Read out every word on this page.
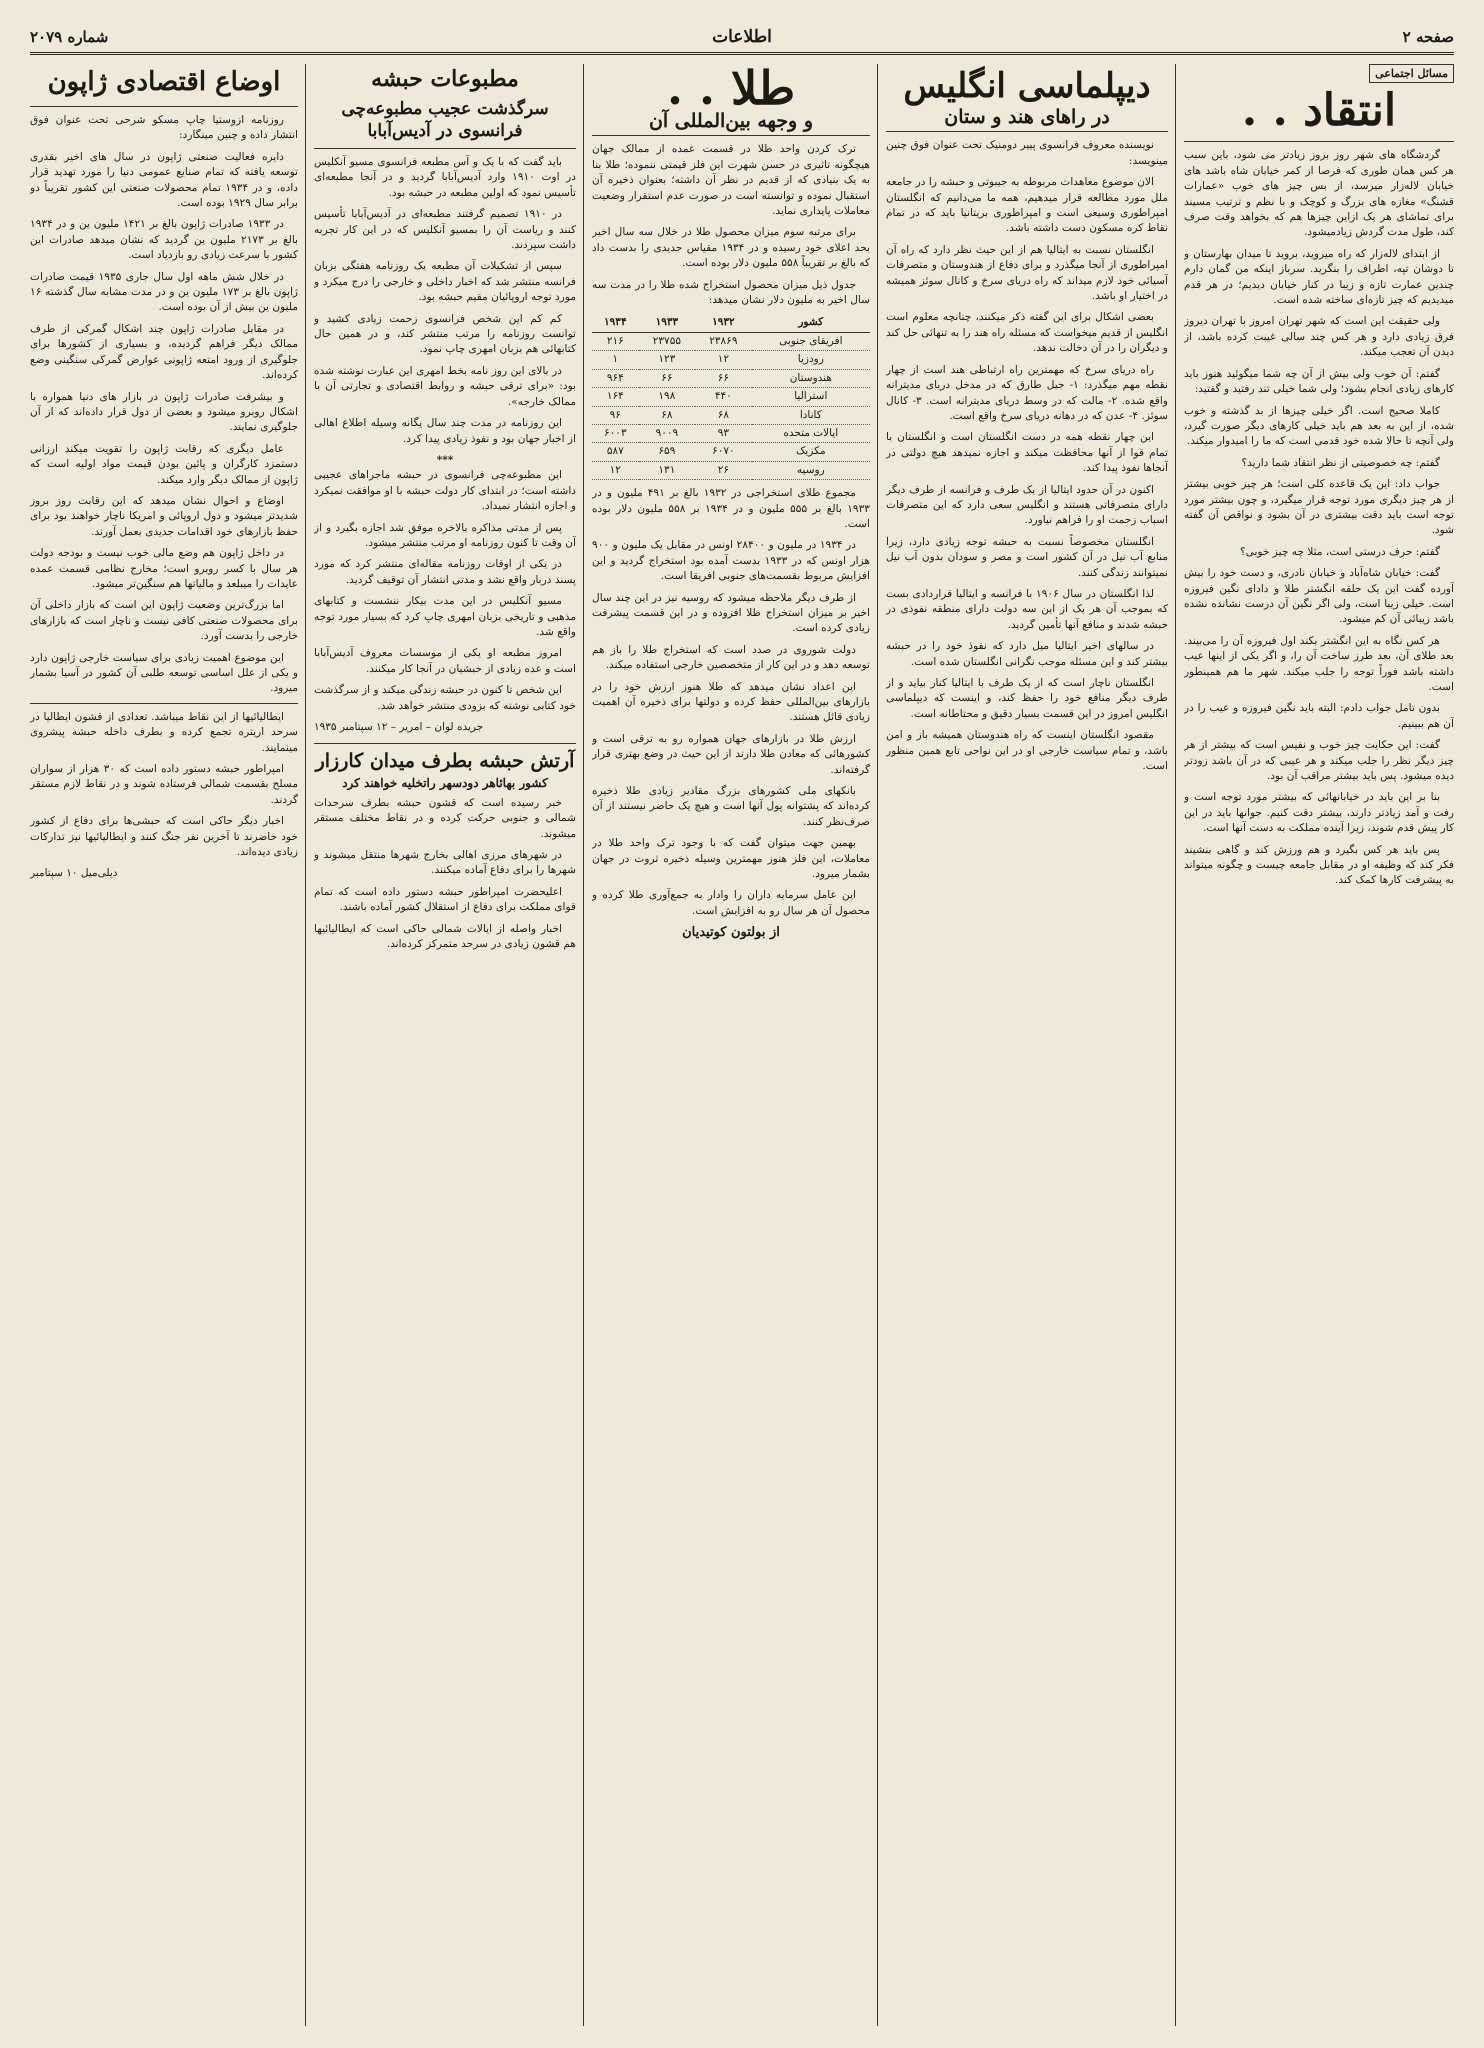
صفحه ۲
اطلاعات
شماره ۲۰۷۹
مسائل اجتماعی
انتقاد . .

گردشگاه های شهر روز بروز زیادتر می شود، باین سبب هر کس همان طوری که فرصا از کمر خیابان شاه باشد های خیابان لاله‌زار میرسد، از بس چیز های خوب «عمارات قشنگ» مغازه های بزرگ و کوچک و با نظم و ترتیب مسیند برای تماشای هر یک ازاین چیزها هم که بخواهد وقت صرف کند، طول مدت گردش زیادمیشود.

از ابتدای لاله‌زار که راه میروید، بروید تا میدان بهارستان و تا دوشان تپه، اطراف را بنگرید. سرباز اینکه من گمان دارم چندین عمارت تازه و زیبا در کنار خیابان دیدیم؛ در هر قدم میدیدیم که چیز تازه‌ای ساخته شده است.

ولی حقیقت این است که شهر تهران امروز با تهران دیروز فرق زیادی دارد و هر کس چند سالی غیبت کرده باشد، از دیدن آن تعجب میکند.

گفتم: آن خوب ولی بیش از آن چه شما میگوئید هنوز باید کارهای زیادی انجام بشود؛ ولی شما خیلی تند رفتید و گفتید:

کاملا صحیح است. اگر خیلی چیزها از بد گذشته و خوب شده، از این به بعد هم باید خیلی کارهای دیگر صورت گیرد، ولی آنچه تا حالا شده خود قدمی است که ما را امیدوار میکند.

گفتم: چه خصوصیتی از نظر انتقاد شما دارید؟

جواب داد: این یک قاعده کلی است؛ هر چیز خوبی بیشتر از هر چیز دیگری مورد توجه قرار میگیرد، و چون بیشتر مورد توجه است باید دقت بیشتری در آن بشود و نواقص آن گفته شود.

گفتم: حرف درستی است، مثلا چه چیز خوبی؟

گفت: خیابان شاه‌آباد و خیابان نادری، و دست خود را بیش آورده گفت این یک حلقه انگشتر طلا و دادای نگین فیروزه است. خیلی زیبا است، ولی اگر نگین آن درست نشانده نشده باشد زیبائی آن کم میشود.

هر کس نگاه به این انگشتر بکند اول فیروزه آن را می‌بیند. بعد طلای آن، بعد طرز ساخت آن را، و اگر یکی از اینها عیب داشته باشد فوراً توجه را جلب میکند. شهر ما هم همینطور است.

بدون تامل جواب دادم: البته باید نگین فیروزه و عیب را در آن هم ببینیم.

گفت: این حکایت چیز خوب و نفیس است که بیشتر از هر چیز دیگر نظر را جلب میکند و هر عیبی که در آن باشد زودتر دیده میشود. پس باید بیشتر مراقب آن بود.

بنا بر این باید در خیابانهائی که بیشتر مورد توجه است و رفت و آمد زیادتر دارند، بیشتر دقت کنیم. جوانها باید در این کار پیش قدم شوند، زیرا آینده مملکت به دست آنها است.

پس باید هر کس بگیرد و هم ورزش کند و گاهی بنشیند فکر کند که وظیفه او در مقابل جامعه چیست و چگونه میتواند به پیشرفت کارها کمک کند.

دیپلماسی انگلیس
در راهای هند و ستان

نویسنده معروف فرانسوی پییر دومنیک تحت عنوان فوق چنین مینویسد:

الان موضوع معاهدات مربوطه به جیبوتی و حبشه را در جامعه ملل مورد مطالعه قرار میدهیم، همه ما می‌دانیم که انگلستان امپراطوری وسیعی است و امپراطوری بریتانیا باید که در تمام نقاط کره مسکون دست داشته باشد.

انگلستان نسبت به ایتالیا هم از این حیث نظر دارد که راه آن امپراطوری از آنجا میگذرد و برای دفاع از هندوستان و متصرفات آسیائی خود لازم میداند که راه دریای سرخ و کانال سوئز همیشه در اختیار او باشد.

بعضی اشکال برای این گفته ذکر میکنند، چنانچه معلوم است انگلیس از قدیم میخواست که مسئله راه هند را به تنهائی حل کند و دیگران را در آن دخالت ندهد.

راه دریای سرخ که مهمترین راه ارتباطی هند است از چهار نقطه مهم میگذرد: ۱- جبل طارق که در مدخل دریای مدیترانه واقع شده. ۲- مالت که در وسط دریای مدیترانه است. ۳- کانال سوئز. ۴- عدن که در دهانه دریای سرخ واقع است.

این چهار نقطه همه در دست انگلستان است و انگلستان با تمام قوا از آنها محافظت میکند و اجازه نمیدهد هیچ دولتی در آنجاها نفوذ پیدا کند.

اکنون در آن حدود ایتالیا از یک طرف و فرانسه از طرف دیگر دارای متصرفاتی هستند و انگلیس سعی دارد که این متصرفات اسباب زحمت او را فراهم نیاورد.

انگلستان مخصوصاً نسبت به حبشه توجه زیادی دارد، زیرا منابع آب نیل در آن کشور است و مصر و سودان بدون آب نیل نمیتوانند زندگی کنند.

لذا انگلستان در سال ۱۹۰۶ با فرانسه و ایتالیا قراردادی بست که بموجب آن هر یک از این سه دولت دارای منطقه نفوذی در حبشه شدند و منافع آنها تأمین گردید.

در سالهای اخیر ایتالیا میل دارد که نفوذ خود را در حبشه بیشتر کند و این مسئله موجب نگرانی انگلستان شده است.

انگلستان ناچار است که از یک طرف با ایتالیا کنار بیاید و از طرف دیگر منافع خود را حفظ کند، و اینست که دیپلماسی انگلیس امروز در این قسمت بسیار دقیق و محتاطانه است.

مقصود انگلستان اینست که راه هندوستان همیشه باز و امن باشد، و تمام سیاست خارجی او در این نواحی تابع همین منظور است.

طلا . .
و وجهه بین‌المللی آن

ترک کردن واحد طلا در قسمت عمده از ممالک جهان هیچگونه تاثیری در حسن شهرت این فلز قیمتی ننموده؛ طلا بنا به یک بنیادی که از قدیم در نظر آن داشته؛ بعنوان ذخیره آن استقبال نموده و توانسته است در صورت عدم استقرار وضعیت معاملات پایداری نماید.

برای مرتبه سوم میزان محصول طلا در خلال سه سال اخیر بحد اعلای خود رسیده و در ۱۹۳۴ مقیاس جدیدی را بدست داد که بالغ بر تقریباً ۵۵۸ ملیون دلار بوده است.

جدول ذیل میزان محصول استخراج شده طلا را در مدت سه سال اخیر به ملیون دلار نشان میدهد:

کشور	۱۹۳۲	۱۹۳۳	۱۹۳۴
افریقای جنوبی	۲۳۸۶۹	۲۳۷۵۵	۲۱۶
رودزیا	۱۲	۱۲۳	۱
هندوستان	۶۶	۶۶	۹۶۴
استرالیا	۴۴۰	۱۹۸	۱۶۴
کانادا	۶۸	۶۸	۹۶
ایالات متحده	۹۳	۹۰۰۹	۶۰۰۳
مکزیک	۶۰۷۰	۶۵۹	۵۸۷
روسیه	۲۶	۱۳۱	۱۲

مجموع طلای استخراجی در ۱۹۳۲ بالغ بر ۴۹۱ ملیون و در ۱۹۳۳ بالغ بر ۵۵۵ ملیون و در ۱۹۳۴ بر ۵۵۸ ملیون دلار بوده است.

در ۱۹۳۴ در ملیون و ۲۸۴۰۰ اونس در مقابل یک ملیون و ۹۰۰ هزار اونس که در ۱۹۳۳ بدست آمده بود استخراج گردید و این افزایش مربوط بقسمت‌های جنوبی افریقا است.

از طرف دیگر ملاحظه میشود که روسیه نیز در این چند سال اخیر بر میزان استخراج طلا افزوده و در این قسمت پیشرفت زیادی کرده است.

دولت شوروی در صدد است که استخراج طلا را باز هم توسعه دهد و در این کار از متخصصین خارجی استفاده میکند.

این اعداد نشان میدهد که طلا هنوز ارزش خود را در بازارهای بین‌المللی حفظ کرده و دولتها برای ذخیره آن اهمیت زیادی قائل هستند.

ارزش طلا در بازارهای جهان همواره رو به ترقی است و کشورهائی که معادن طلا دارند از این حیث در وضع بهتری قرار گرفته‌اند.

بانکهای ملی کشورهای بزرگ مقادیر زیادی طلا ذخیره کرده‌اند که پشتوانه پول آنها است و هیچ یک حاضر نیستند از آن صرف‌نظر کنند.

بهمین جهت میتوان گفت که با وجود ترک واحد طلا در معاملات، این فلز هنوز مهمترین وسیله ذخیره ثروت در جهان بشمار میرود.

این عامل سرمایه داران را وادار به جمع‌آوری طلا کرده و محصول آن هر سال رو به افزایش است.

از بولتون کوتیدیان
مطبوعات حبشه
سرگذشت عجیب مطبوعه‌چی فرانسوی در آدیس‌آبابا

باید گفت که با یک و آس مطبعه فرانسوی مسیو آنکلیس در اوت ۱۹۱۰ وارد آدیس‌آبابا گردید و در آنجا مطبعه‌ای تأسیس نمود که اولین مطبعه در حبشه بود.

در ۱۹۱۰ تصمیم گرفتند مطبعه‌ای در آدیس‌آبابا تأسیس کنند و ریاست آن را بمسیو آنکلیس که در این کار تجربه داشت سپردند.

سپس از تشکیلات آن مطبعه یک روزنامه هفتگی بزبان فرانسه منتشر شد که اخبار داخلی و خارجی را درج میکرد و مورد توجه اروپائیان مقیم حبشه بود.

کم کم این شخص فرانسوی زحمت زیادی کشید و توانست روزنامه را مرتب منتشر کند، و در همین حال کتابهائی هم بزبان امهری چاپ نمود.

در بالای این روز نامه بخط امهری این عبارت نوشته شده بود: «برای ترقی حبشه و روابط اقتصادی و تجارتی آن با ممالک خارجه».

این روزنامه در مدت چند سال یگانه وسیله اطلاع اهالی از اخبار جهان بود و نفوذ زیادی پیدا کرد.

***

این مطبوعه‌چی فرانسوی در حبشه ماجراهای عجیبی داشته است؛ در ابتدای کار دولت حبشه با او موافقت نمیکرد و اجازه انتشار نمیداد.

پس از مدتی مذاکره بالاخره موفق شد اجازه بگیرد و از آن وقت تا کنون روزنامه او مرتب منتشر میشود.

در یکی از اوقات روزنامه مقاله‌ای منتشر کرد که مورد پسند دربار واقع نشد و مدتی انتشار آن توقیف گردید.

مسیو آنکلیس در این مدت بیکار ننشست و کتابهای مذهبی و تاریخی بزبان امهری چاپ کرد که بسیار مورد توجه واقع شد.

امروز مطبعه او یکی از موسسات معروف آدیس‌آبابا است و عده زیادی از حبشیان در آنجا کار میکنند.

این شخص تا کنون در حبشه زندگی میکند و از سرگذشت خود کتابی نوشته که بزودی منتشر خواهد شد.

جریده لوان – امریر – ۱۲ سپتامبر ۱۹۳۵
آرتش حبشه بطرف میدان کارزار
کشور بهائاهر دودسهر راتخلیه خواهند کرد

خبر رسیده است که قشون حبشه بطرف سرحدات شمالی و جنوبی حرکت کرده و در نقاط مختلف مستقر میشوند.

در شهرهای مرزی اهالی بخارج شهرها منتقل میشوند و شهرها را برای دفاع آماده میکنند.

اعلیحضرت امپراطور حبشه دستور داده است که تمام قوای مملکت برای دفاع از استقلال کشور آماده باشند.

اخبار واصله از ایالات شمالی حاکی است که ایطالیائیها هم قشون زیادی در سرحد متمرکز کرده‌اند.

اوضاع اقتصادی ژاپون

روزنامه ازوستیا چاپ مسکو شرحی تحت عنوان فوق انتشار داده و چنین مینگارد:

دایره فعالیت صنعتی ژاپون در سال های اخیر بقدری توسعه یافته که تمام صنایع عمومی دنیا را مورد تهدید قرار داده، و در ۱۹۳۴ تمام محصولات صنعتی این کشور تقریباً دو برابر سال ۱۹۲۹ بوده است.

در ۱۹۳۳ صادرات ژاپون بالغ بر ۱۴۲۱ ملیون ین و در ۱۹۳۴ بالغ بر ۲۱۷۳ ملیون ین گردید که نشان میدهد صادرات این کشور با سرعت زیادی رو بازدیاد است.

در خلال شش ماهه اول سال جاری ۱۹۳۵ قیمت صادرات ژاپون بالغ بر ۱۷۳ ملیون ین و در مدت مشابه سال گذشته ۱۶ ملیون ین بیش از آن بوده است.

در مقابل صادرات ژاپون چند اشکال گمرکی از طرف ممالک دیگر فراهم گردیده، و بسیاری از کشورها برای جلوگیری از ورود امتعه ژاپونی عوارض گمرکی سنگینی وضع کرده‌اند.

و بیشرفت صادرات ژاپون در بازار های دنیا همواره با اشکال روبرو میشود و بعضی از دول قرار داده‌اند که از آن جلوگیری نمایند.

عامل دیگری که رقابت ژاپون را تقویت میکند ارزانی دستمزد کارگران و پائین بودن قیمت مواد اولیه است که ژاپون از ممالک دیگر وارد میکند.

اوضاع و احوال نشان میدهد که این رقابت روز بروز شدیدتر میشود و دول اروپائی و امریکا ناچار خواهند بود برای حفظ بازارهای خود اقدامات جدیدی بعمل آورند.

در داخل ژاپون هم وضع مالی خوب نیست و بودجه دولت هر سال با کسر روبرو است؛ مخارج نظامی قسمت عمده عایدات را میبلعد و مالیاتها هم سنگین‌تر میشود.

اما بزرگ‌ترین وضعیت ژاپون این است که بازار داخلی آن برای محصولات صنعتی کافی نیست و ناچار است که بازارهای خارجی را بدست آورد.

این موضوع اهمیت زیادی برای سیاست خارجی ژاپون دارد و یکی از علل اساسی توسعه طلبی آن کشور در آسیا بشمار میرود.

ایطالیائیها از این نقاط میباشد. تعدادی از قشون ایطالیا در سرحد اریتره تجمع کرده و بطرف داخله حبشه پیشروی مینمایند.

امپراطور حبشه دستور داده است که ۳۰ هزار از سواران مسلح بقسمت شمالی فرستاده شوند و در نقاط لازم مستقر گردند.

اخبار دیگر حاکی است که حبشی‌ها برای دفاع از کشور خود حاضرند تا آخرین نفر جنگ کنند و ایطالیائیها نیز تدارکات زیادی دیده‌اند.

دیلی‌میل ۱۰ سپتامبر
